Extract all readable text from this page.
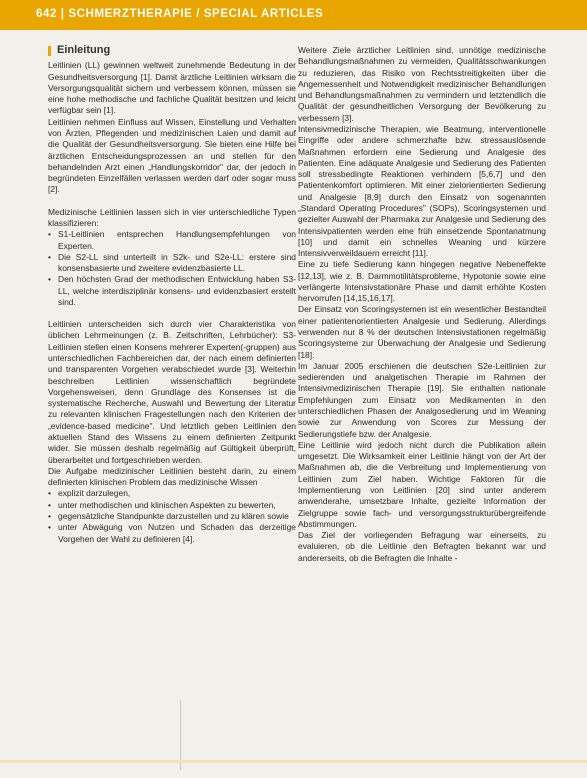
642 | SCHMERZTHERAPIE / SPECIAL ARTICLES
Einleitung

Leitlinien (LL) gewinnen weltweit zunehmende Bedeutung in der Gesundheitsversorgung [1]. Damit ärztliche Leitlinien wirksam die Versorgungsqualität sichern und verbessern können, müssen sie eine hohe methodische und fachliche Qualität besitzen und leicht verfügbar sein [1].

Leitlinien nehmen Einfluss auf Wissen, Einstellung und Verhalten von Ärzten, Pflegenden und medizinischen Laien und damit auf die Qualität der Gesundheitsversorgung. Sie bieten eine Hilfe bei ärztlichen Entscheidungsprozessen an und stellen für den behandelnden Arzt einen „Handlungskorridor" dar, der jedoch in begründeten Einzelfällen verlassen werden darf oder sogar muss [2].

Medizinische Leitlinien lassen sich in vier unterschiedliche Typen klassifizieren:

• S1-Leitlinien entsprechen Handlungsempfehlungen von Experten.
• Die S2-LL sind unterteilt in S2k- und S2e-LL: erstere sind konsensbasierte und zweitere evidenzbasierte LL.
• Den höchsten Grad der methodischen Entwicklung haben S3-LL, welche interdisziplinär konsens- und evidenzbasiert erstellt sind.

Leitlinien unterscheiden sich durch vier Charakteristika von üblichen Lehrmeinungen (z. B. Zeitschriften, Lehrbücher): S3-Leitlinien stellen einen Konsens mehrerer Experten(-gruppen) aus unterschiedlichen Fachbereichen dar, der nach einem definierten und transparenten Vorgehen verabschiedet wurde [3]. Weiterhin beschreiben Leitlinien wissenschaftlich begründete Vorgehensweisen, denn Grundlage des Konsenses ist die systematische Recherche, Auswahl und Bewertung der Literatur zu relevanten klinischen Fragestellungen nach den Kriterien der „evidence-based medicine". Und letztlich geben Leitlinien den aktuellen Stand des Wissens zu einem definierten Zeitpunkt wider. Sie müssen deshalb regelmäßig auf Gültigkeit überprüft, überarbeitet und fortgeschrieben werden.

Die Aufgabe medizinischer Leitlinien besteht darin, zu einem definierten klinischen Problem das medizinische Wissen

• explizit darzulegen,
• unter methodischen und klinischen Aspekten zu bewerten,
• gegensätzliche Standpunkte darzustellen und zu klären sowie
• unter Abwägung von Nutzen und Schaden das derzeitige Vorgehen der Wahl zu definieren [4].

Weitere Ziele ärztlicher Leitlinien sind, unnötige medizinische Behandlungsmaßnahmen zu vermeiden, Qualitätsschwankungen zu reduzieren, das Risiko von Rechtsstreitigkeiten über die Angemessenheit und Notwendigkeit medizinischer Behandlungen und Behandlungsmaßnahmen zu vermindern und letztendlich die Qualität der gesundheitlichen Versorgung der Bevölkerung zu verbessern [3].

Intensivmedizinische Therapien, wie Beatmung, interventionelle Eingriffe oder andere schmerzhafte bzw. stressauslösende Maßnahmen erfordern eine Sedierung und Analgesie des Patienten. Eine adäquate Analgesie und Sedierung des Patienten soll stressbedingte Reaktionen verhindern [5,6,7] und den Patientenkomfort optimieren. Mit einer zielorientierten Sedierung und Analgesie [8,9] durch den Einsatz von sogenannten „Standard Operating Procedures" (SOPs), Scoringsystemen und gezielter Auswahl der Pharmaka zur Analgesie und Sedierung des Intensivpatienten werden eine früh einsetzende Spontanatmung [10] und damit ein schnelles Weaning und kürzere Intensivverweildauern erreicht [11].

Eine zu tiefe Sedierung kann hingegen negative Nebeneffekte [12,13], wie z. B. Darmmotilitätsprobleme, Hypotonie sowie eine verlängerte Intensivstationäre Phase und damit erhöhte Kosten hervorrufen [14,15,16,17].

Der Einsatz von Scoringsystemen ist ein wesentlicher Bestandteil einer patientenorientierten Analgesie und Sedierung. Allerdings verwenden nur 8 % der deutschen Intensivstationen regelmäßig Scoringsysteme zur Überwachung der Analgesie und Sedierung [18].

Im Januar 2005 erschienen die deutschen S2e-Leitlinien zur sedierenden und analgetischen Therapie im Rahmen der Intensivmedizinischen Therapie [19]. Sie enthalten nationale Empfehlungen zum Einsatz von Medikamenten in den unterschiedlichen Phasen der Analgosedierung und im Weaning sowie zur Anwendung von Scores zur Messung der Sedierungstiefe bzw. der Analgesie.

Eine Leitlinie wird jedoch nicht durch die Publikation allein umgesetzt. Die Wirksamkeit einer Leitlinie hängt von der Art der Maßnahmen ab, die die Verbreitung und Implementierung von Leitlinien zum Ziel haben. Wichtige Faktoren für die Implementierung von Leitlinien [20] sind unter anderem anwenderahe, umsetzbare Inhalte, gezielte Information der Zielgruppe sowie fach- und versorgungsstrukturübergreifende Abstimmungen.

Das Ziel der vorliegenden Befragung war einerseits, zu evaluieren, ob die Leitlinie den Befragten bekannt war und andererseits, ob die Befragten die Inhalte -
